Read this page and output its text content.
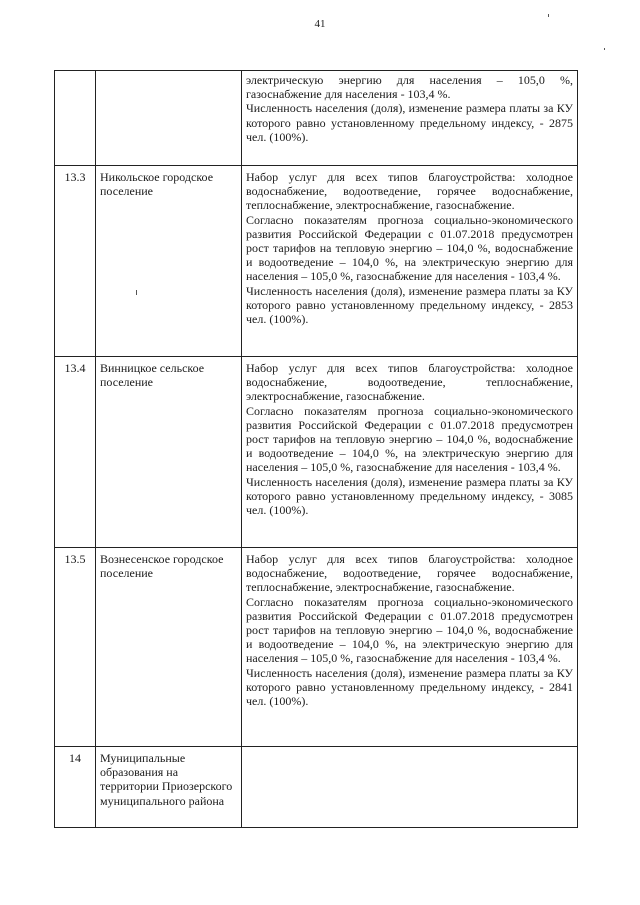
41

		электрическую энергию для населения – 105,0 %, газоснабжение для населения - 103,4 %.

Численность населения (доля), изменение размера платы за КУ которого равно установленному предельному индексу, - 2875 чел. (100%).

13.3	Никольское городское поселение	Набор услуг для всех типов благоустройства: холодное водоснабжение, водоотведение, горячее водоснабжение, теплоснабжение, электроснабжение, газоснабжение.

Согласно показателям прогноза социально-экономического развития Российской Федерации с 01.07.2018 предусмотрен рост тарифов на тепловую энергию – 104,0 %, водоснабжение и водоотведение – 104,0 %, на электрическую энергию для населения – 105,0 %, газоснабжение для населения - 103,4 %.

Численность населения (доля), изменение размера платы за КУ которого равно установленному предельному индексу, - 2853 чел. (100%).

13.4	Винницкое сельское поселение	Набор услуг для всех типов благоустройства: холодное водоснабжение, водоотведение, теплоснабжение, электроснабжение, газоснабжение.

Согласно показателям прогноза социально-экономического развития Российской Федерации с 01.07.2018 предусмотрен рост тарифов на тепловую энергию – 104,0 %, водоснабжение и водоотведение – 104,0 %, на электрическую энергию для населения – 105,0 %, газоснабжение для населения - 103,4 %.

Численность населения (доля), изменение размера платы за КУ которого равно установленному предельному индексу, - 3085 чел. (100%).

13.5	Вознесенское городское поселение	Набор услуг для всех типов благоустройства: холодное водоснабжение, водоотведение, горячее водоснабжение, теплоснабжение, электроснабжение, газоснабжение.

Согласно показателям прогноза социально-экономического развития Российской Федерации с 01.07.2018 предусмотрен рост тарифов на тепловую энергию – 104,0 %, водоснабжение и водоотведение – 104,0 %, на электрическую энергию для населения – 105,0 %, газоснабжение для населения - 103,4 %.

Численность населения (доля), изменение размера платы за КУ которого равно установленному предельному индексу, - 2841 чел. (100%).

14	Муниципальные образования на территории Приозерского муниципального района	
